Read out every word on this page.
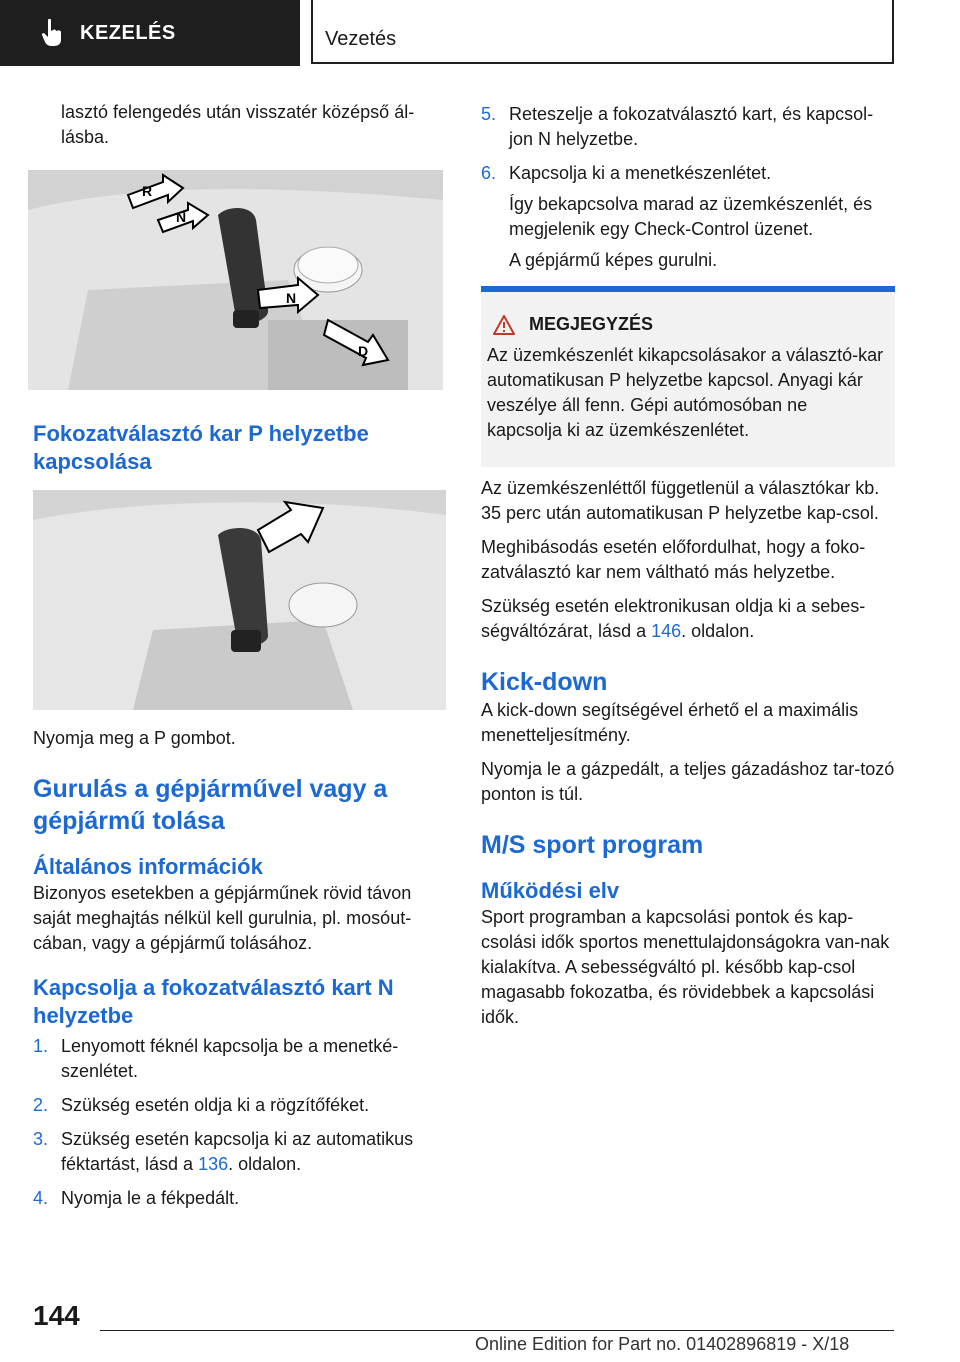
KEZELÉS	Vezetés

lasztó felengedés után visszatér középső ál-lásba.

R
N
N
D

Fokozatválasztó kar P helyzetbe kapcsolása

Nyomja meg a P gombot.

Gurulás a gépjárművel vagy a gépjármű tolása

Általános információk

Bizonyos esetekben a gépjárműnek rövid távon saját meghajtás nélkül kell gurulnia, pl. mosóut-cában, vagy a gépjármű tolásához.

Kapcsolja a fokozatválasztó kart N helyzetbe

1. Lenyomott féknél kapcsolja be a menetké-szenlétet.
2. Szükség esetén oldja ki a rögzítőféket.
3. Szükség esetén kapcsolja ki az automatikus féktartást, lásd a 136. oldalon.
4. Nyomja le a fékpedált.
5. Reteszelje a fokozatválasztó kart, és kapcsol-jon N helyzetbe.
6. Kapcsolja ki a menetkészenlétet.

Így bekapcsolva marad az üzemkészenlét, és megjelenik egy Check-Control üzenet.

A gépjármű képes gurulni.

MEGJEGYZÉS

Az üzemkészenlét kikapcsolásakor a választó-kar automatikusan P helyzetbe kapcsol. Anyagi kár veszélye áll fenn. Gépi autómosóban ne kapcsolja ki az üzemkészenlétet.

Az üzemkészenléttől függetlenül a választókar kb. 35 perc után automatikusan P helyzetbe kap-csol.

Meghibásodás esetén előfordulhat, hogy a foko-zatválasztó kar nem váltható más helyzetbe.

Szükség esetén elektronikusan oldja ki a sebes-ségváltózárat, lásd a 146. oldalon.

Kick-down

A kick-down segítségével érhető el a maximális menetteljesítmény.

Nyomja le a gázpedált, a teljes gázadáshoz tar-tozó ponton is túl.

M/S sport program

Működési elv

Sport programban a kapcsolási pontok és kap-csolási idők sportos menettulajdonságokra van-nak kialakítva. A sebességváltó pl. később kap-csol magasabb fokozatba, és rövidebbek a kapcsolási idők.

144
Online Edition for Part no. 01402896819 - X/18
